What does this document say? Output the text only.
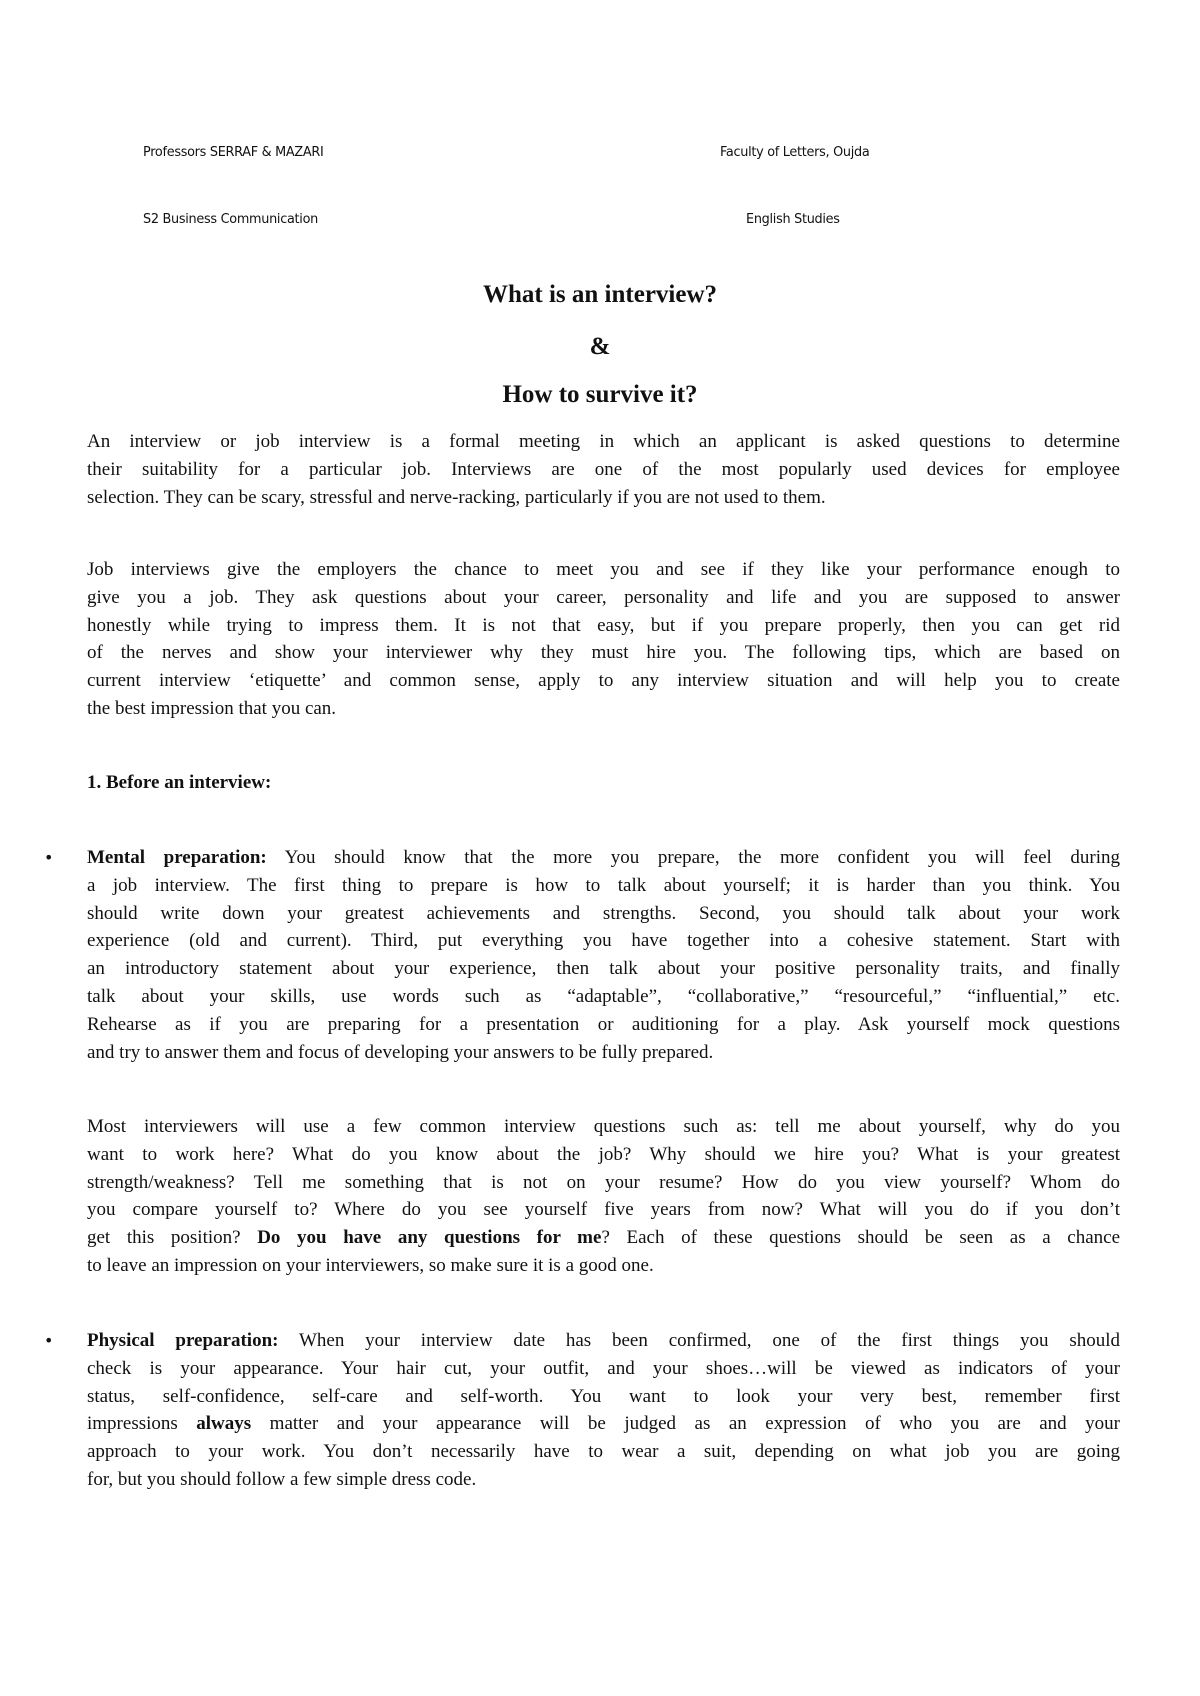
Professors SERRAF & MAZARI	Faculty of Letters, Oujda
S2 Business Communication	English Studies
What is an interview?
&
How to survive it?
An interview or job interview is a formal meeting in which an applicant is asked questions to determine
their suitability for a particular job. Interviews are one of the most popularly used devices for employee
selection. They can be scary, stressful and nerve-racking, particularly if you are not used to them.
Job interviews give the employers the chance to meet you and see if they like your performance enough to
give you a job. They ask questions about your career, personality and life and you are supposed to answer
honestly while trying to impress them. It is not that easy, but if you prepare properly, then you can get rid
of the nerves and show your interviewer why they must hire you. The following tips, which are based on
current interview ‘etiquette’ and common sense, apply to any interview situation and will help you to create
the best impression that you can.
1. Before an interview:
• Mental preparation: You should know that the more you prepare, the more confident you will feel during
a job interview. The first thing to prepare is how to talk about yourself; it is harder than you think. You
should write down your greatest achievements and strengths. Second, you should talk about your work
experience (old and current). Third, put everything you have together into a cohesive statement. Start with
an introductory statement about your experience, then talk about your positive personality traits, and finally
talk about your skills, use words such as “adaptable”, “collaborative,” “resourceful,” “influential,” etc.
Rehearse as if you are preparing for a presentation or auditioning for a play. Ask yourself mock questions
and try to answer them and focus of developing your answers to be fully prepared.
Most interviewers will use a few common interview questions such as: tell me about yourself, why do you
want to work here? What do you know about the job? Why should we hire you? What is your greatest
strength/weakness? Tell me something that is not on your resume? How do you view yourself? Whom do
you compare yourself to? Where do you see yourself five years from now? What will you do if you don’t
get this position? Do you have any questions for me? Each of these questions should be seen as a chance
to leave an impression on your interviewers, so make sure it is a good one.
• Physical preparation: When your interview date has been confirmed, one of the first things you should
check is your appearance. Your hair cut, your outfit, and your shoes…will be viewed as indicators of your
status, self-confidence, self-care and self-worth. You want to look your very best, remember first
impressions always matter and your appearance will be judged as an expression of who you are and your
approach to your work. You don’t necessarily have to wear a suit, depending on what job you are going
for, but you should follow a few simple dress code.
